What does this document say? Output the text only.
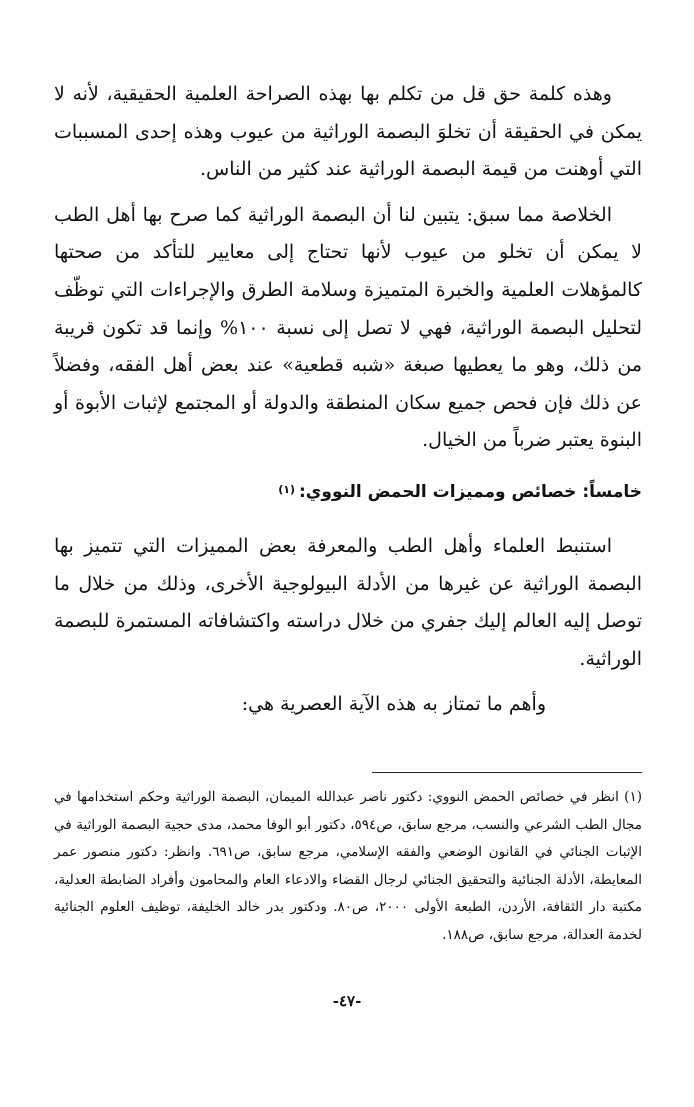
وهذه كلمة حق قل من تكلم بها بهذه الصراحة العلمية الحقيقية، لأنه لا يمكن في الحقيقة أن تخلوَ البصمة الوراثية من عيوب وهذه إحدى المسببات التي أوهنت من قيمة البصمة الوراثية عند كثير من الناس.

الخلاصة مما سبق: يتبين لنا أن البصمة الوراثية كما صرح بها أهل الطب لا يمكن أن تخلو من عيوب لأنها تحتاج إلى معايير للتأكد من صحتها كالمؤهلات العلمية والخبرة المتميزة وسلامة الطرق والإجراءات التي توظّف لتحليل البصمة الوراثية، فهي لا تصل إلى نسبة ١٠٠% وإنما قد تكون قريبة من ذلك، وهو ما يعطيها صبغة «شبه قطعية» عند بعض أهل الفقه، وفضلاً عن ذلك فإن فحص جميع سكان المنطقة والدولة أو المجتمع لإثبات الأبوة أو البنوة يعتبر ضرباً من الخيال.

خامساً: خصائص ومميزات الحمض النووي:$^{(١)}$

استنبط العلماء وأهل الطب والمعرفة بعض المميزات التي تتميز بها البصمة الوراثية عن غيرها من الأدلة البيولوجية الأخرى، وذلك من خلال ما توصل إليه العالم إليك جفري من خلال دراسته واكتشافاته المستمرة للبصمة الوراثية.

وأهم ما تمتاز به هذه الآية العصرية هي:

(١) انظر في خصائص الحمض النووي: دكتور ناصر عبدالله الميمان، البصمة الوراثية وحكم استخدامها في مجال الطب الشرعي والنسب، مرجع سابق، ص٥٩٤، دكتور أبو الوفا محمد، مدى حجية البصمة الوراثية في الإثبات الجنائي في القانون الوضعي والفقه الإسلامي، مرجع سابق، ص٦٩١. وانظر: دكتور منصور عمر المعايطة، الأدلة الجنائية والتحقيق الجنائي لرجال القضاء والادعاء العام والمحامون وأفراد الضابطة العدلية، مكتبة دار الثقافة، الأردن، الطبعة الأولى ٢٠٠٠، ص٨٠. ودكتور بدر خالد الخليفة، توظيف العلوم الجنائية لخدمة العدالة، مرجع سابق، ص١٨٨.

-٤٧-
